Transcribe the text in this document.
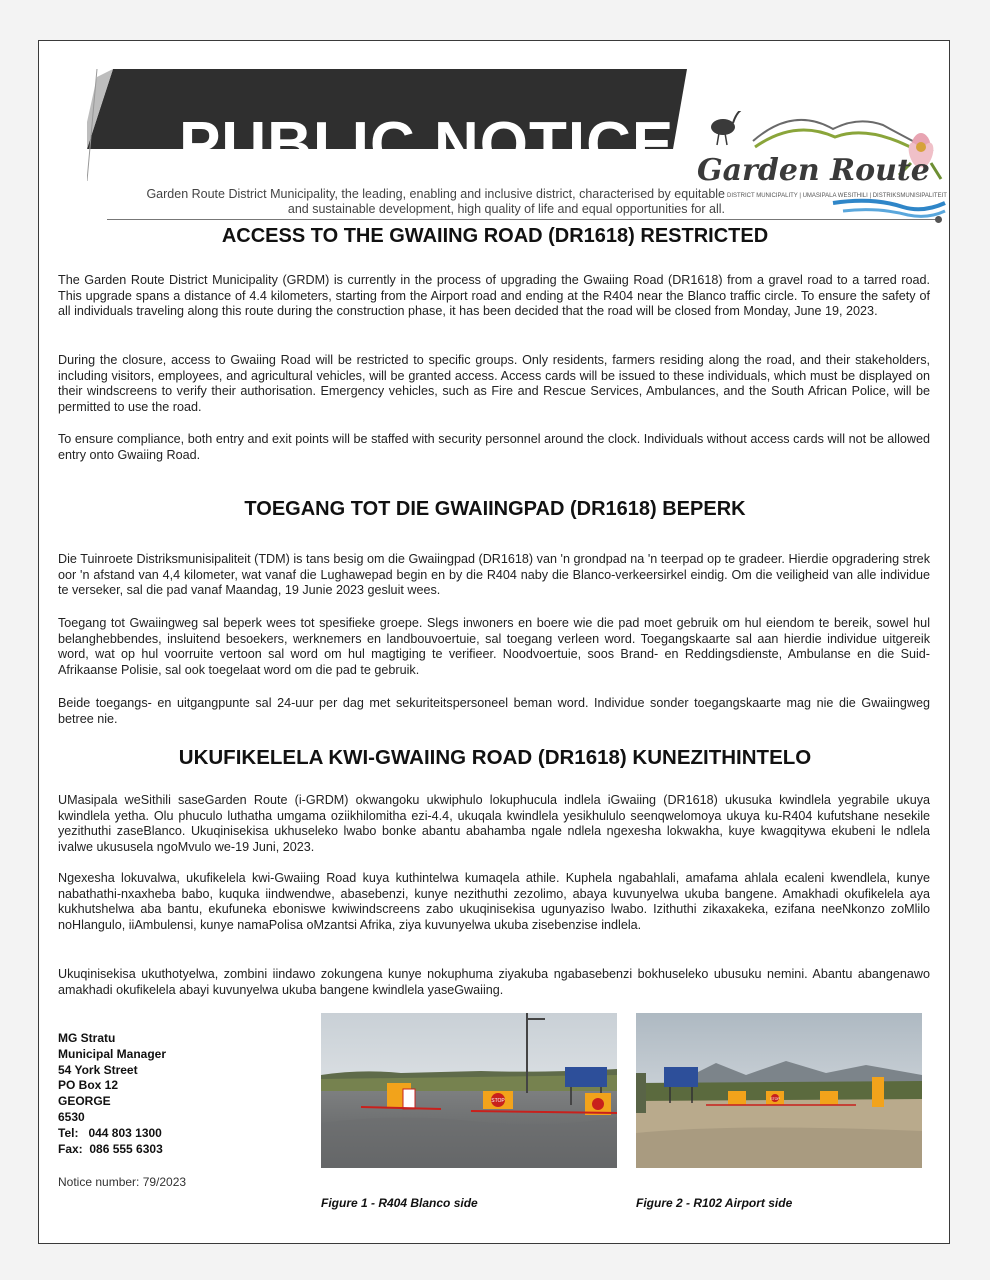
PUBLIC NOTICE
Garden Route District Municipality, the leading, enabling and inclusive district, characterised by equitable and sustainable development, high quality of life and equal opportunities for all.
Garden Route
DISTRICT MUNICIPALITY | UMASIPALA WESITHILI | DISTRIKSMUNISIPALITEIT
ACCESS TO THE GWAIING ROAD (DR1618) RESTRICTED

The Garden Route District Municipality (GRDM) is currently in the process of upgrading the Gwaiing Road (DR1618) from a gravel road to a tarred road. This upgrade spans a distance of 4.4 kilometers, starting from the Airport road and ending at the R404 near the Blanco traffic circle. To ensure the safety of all individuals traveling along this route during the construction phase, it has been decided that the road will be closed from Monday, June 19, 2023.

During the closure, access to Gwaiing Road will be restricted to specific groups. Only residents, farmers residing along the road, and their stakeholders, including visitors, employees, and agricultural vehicles, will be granted access. Access cards will be issued to these individuals, which must be displayed on their windscreens to verify their authorisation. Emergency vehicles, such as Fire and Rescue Services, Ambulances, and the South African Police, will be permitted to use the road.

To ensure compliance, both entry and exit points will be staffed with security personnel around the clock. Individuals without access cards will not be allowed entry onto Gwaiing Road.

TOEGANG TOT DIE GWAIINGPAD (DR1618) BEPERK

Die Tuinroete Distriksmunisipaliteit (TDM) is tans besig om die Gwaiingpad (DR1618) van 'n grondpad na 'n teerpad op te gradeer. Hierdie opgradering strek oor 'n afstand van 4,4 kilometer, wat vanaf die Lughawepad begin en by die R404 naby die Blanco-verkeersirkel eindig. Om die veiligheid van alle individue te verseker, sal die pad vanaf Maandag, 19 Junie 2023 gesluit wees.

Toegang tot Gwaiingweg sal beperk wees tot spesifieke groepe. Slegs inwoners en boere wie die pad moet gebruik om hul eiendom te bereik, sowel hul belanghebbendes, insluitend besoekers, werknemers en landbouvoertuie, sal toegang verleen word. Toegangskaarte sal aan hierdie individue uitgereik word, wat op hul voorruite vertoon sal word om hul magtiging te verifieer. Noodvoertuie, soos Brand- en Reddingsdienste, Ambulanse en die Suid-Afrikaanse Polisie, sal ook toegelaat word om die pad te gebruik.

Beide toegangs- en uitgangpunte sal 24-uur per dag met sekuriteitspersoneel beman word. Individue sonder toegangskaarte mag nie die Gwaiingweg betree nie.

UKUFIKELELA KWI-GWAIING ROAD (DR1618) KUNEZITHINTELO

UMasipala weSithili saseGarden Route (i-GRDM) okwangoku ukwiphulo lokuphucula indlela iGwaiing (DR1618) ukusuka kwindlela yegrabile ukuya kwindlela yetha. Olu phuculo luthatha umgama oziikhilomitha ezi-4.4, ukuqala kwindlela yesikhululo seenqwelomoya ukuya ku-R404 kufutshane nesekile yezithuthi zaseBlanco. Ukuqinisekisa ukhuseleko lwabo bonke abantu abahamba ngale ndlela ngexesha lokwakha, kuye kwagqitywa ekubeni le ndlela ivalwe ukususela ngoMvulo we-19 Juni, 2023.

Ngexesha lokuvalwa, ukufikelela kwi-Gwaiing Road kuya kuthintelwa kumaqela athile. Kuphela ngabahlali, amafama ahlala ecaleni kwendlela, kunye nabathathi-nxaxheba babo, kuquka iindwendwe, abasebenzi, kunye nezithuthi zezolimo, abaya kuvunyelwa ukuba bangene. Amakhadi okufikelela aya kukhutshelwa aba bantu, ekufuneka eboniswe kwiwindscreens zabo ukuqinisekisa ugunyaziso lwabo. Izithuthi zikaxakeka, ezifana neeNkonzo zoMlilo noHlangulo, iiAmbulensi, kunye namaPolisa oMzantsi Afrika, ziya kuvunyelwa ukuba zisebenzise indlela.

Ukuqinisekisa ukuthotyelwa, zombini iindawo zokungena kunye nokuphuma ziyakuba ngabasebenzi bokhuseleko ubusuku nemini. Abantu abangenawo amakhadi okufikelela abayi kuvunyelwa ukuba bangene kwindlela yaseGwaiing.

MG Stratu
Municipal Manager
54 York Street
PO Box 12
GEORGE
6530
Tel:   044 803 1300
Fax:  086 555 6303
Notice number: 79/2023
STOP
Figure 1 - R404 Blanco side
STOP
Figure 2 - R102 Airport side
